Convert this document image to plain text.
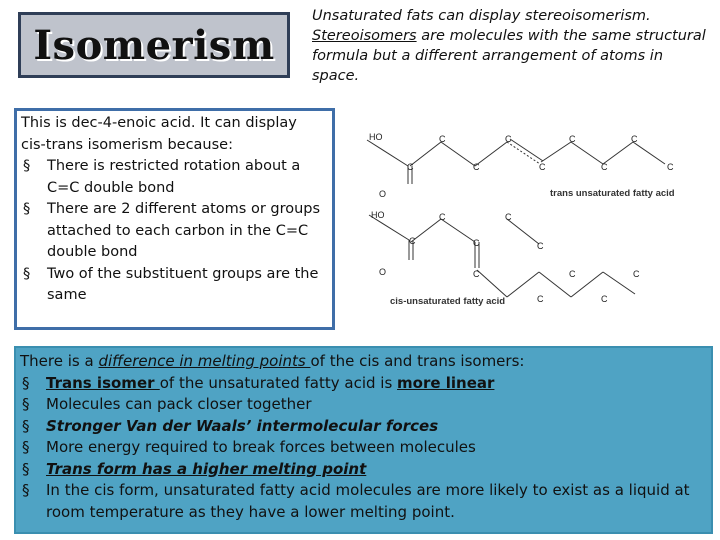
Isomerism
Unsaturated fats can display stereoisomerism.
Stereoisomers are molecules with the same structural formula but a different arrangement of atoms in space.

This is dec-4-enoic acid. It can display cis-trans isomerism because:

§ There is restricted rotation about a C=C double bond
§ There are 2 different atoms or groups attached to each carbon in the C=C double bond
§ Two of the substituent groups are the same
HO
C
O
C
C
C
C
C
C
C
C
trans unsaturated fatty acid
HO
C
O
C
C
C
C
C	C	C
C	C
cis-unsaturated fatty acid

There is a difference in melting points of the cis and trans isomers:

§ Trans isomer of the unsaturated fatty acid is more linear
§ Molecules can pack closer together
§ Stronger Van der Waals’ intermolecular forces
§ More energy required to break forces between molecules
§ Trans form has a higher melting point
§ In the cis form, unsaturated fatty acid molecules are more likely to exist as a liquid at room temperature as they have a lower melting point.
